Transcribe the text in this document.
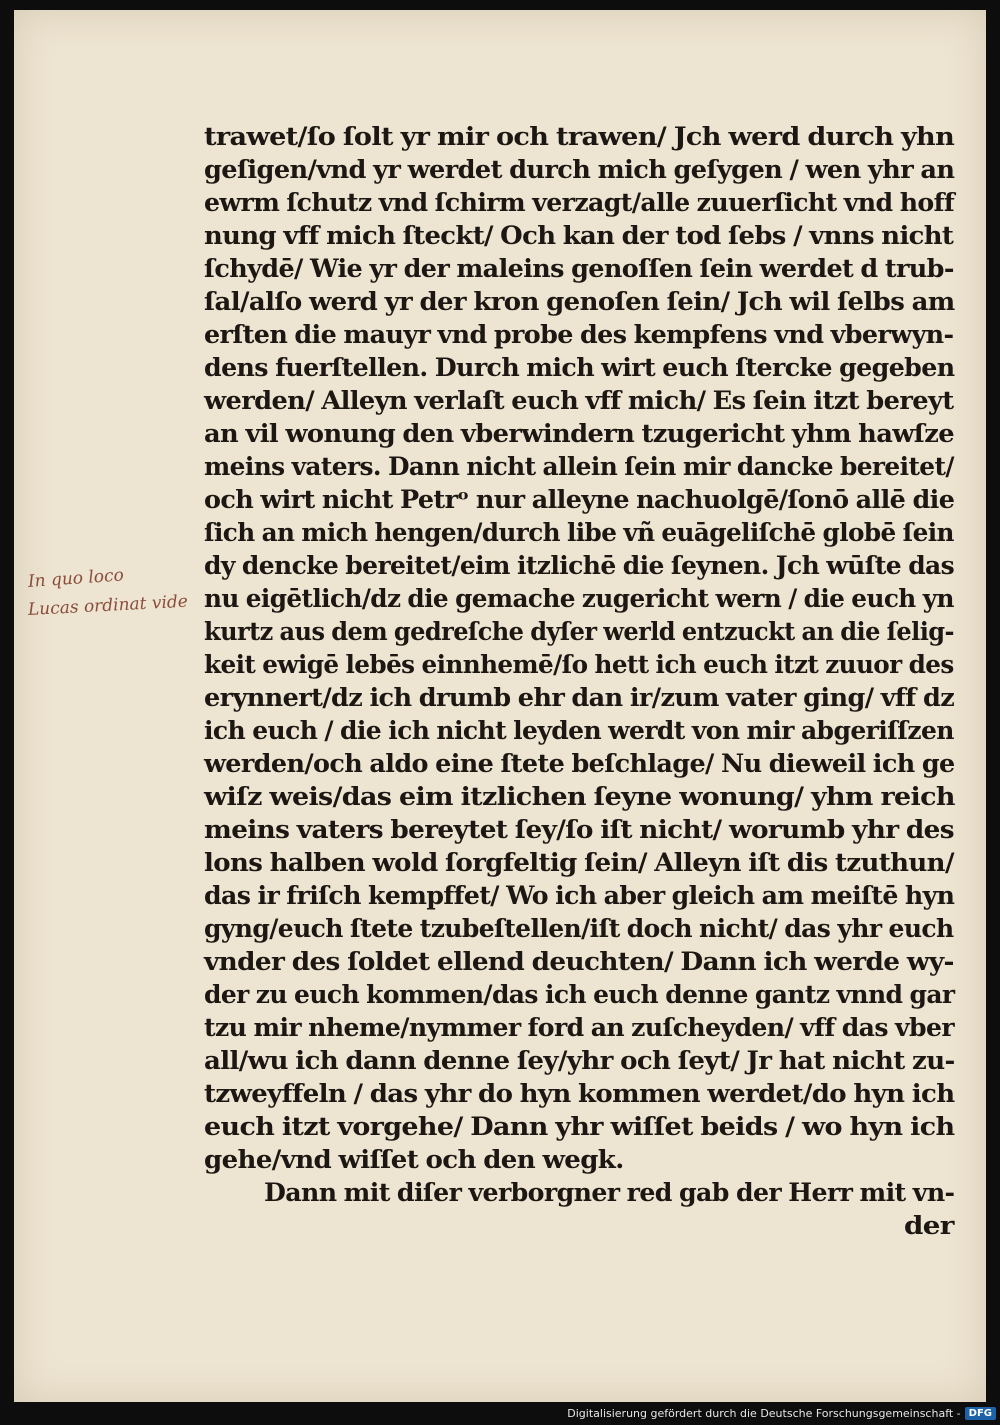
trawet/ſo ſolt yr mir och trawen/ Jch werd durch yhn
geſigen/vnd yr werdet durch mich geſygen / wen yhr an
ewrm ſchutz vnd ſchirm verzagt/alle zuuerſicht vnd hoff
nung vff mich ſteckt/ Och kan der tod ſebs / vnns nicht
ſchydē/ Wie yr der maleins genoſſen ſein werdet d trub-
ſal/alſo werd yr der kron genoſen ſein/ Jch wil ſelbs am
erſten die mauyr vnd probe des kempfens vnd vberwyn-
dens fuerſtellen. Durch mich wirt euch ſtercke gegeben
werden/ Alleyn verlaſt euch vff mich/ Es ſein itzt bereyt
an vil wonung den vberwindern tzugericht yhm hawſze
meins vaters. Dann nicht allein ſein mir dancke bereitet/
och wirt nicht Petrᵒ nur alleyne nachuolgē/ſonō allē die
ſich an mich hengen/durch libe vñ euāgeliſchē globē ſein
dy dencke bereitet/eim itzlichē die ſeynen. Jch wūſte das
nu eigētlich/dz die gemache zugericht wern / die euch yn
kurtz aus dem gedreſche dyſer werld entzuckt an die ſelig-
keit ewigē lebēs einnhemē/ſo hett ich euch itzt zuuor des
erynnert/dz ich drumb ehr dan ir/zum vater ging/ vff dz
ich euch / die ich nicht leyden werdt von mir abgeriſſzen
werden/och aldo eine ſtete beſchlage/ Nu dieweil ich ge
wiſz weis/das eim itzlichen ſeyne wonung/ yhm reich
meins vaters bereytet ſey/ſo iſt nicht/ worumb yhr des
lons halben wold ſorgfeltig ſein/ Alleyn iſt dis tzuthun/
das ir friſch kempffet/ Wo ich aber gleich am meiſtē hyn
gyng/euch ſtete tzubeſtellen/iſt doch nicht/ das yhr euch
vnder des ſoldet ellend deuchten/ Dann ich werde wy-
der zu euch kommen/das ich euch denne gantz vnnd gar
tzu mir nheme/nymmer ford an zuſcheyden/ vff das vber
all/wu ich dann denne ſey/yhr och ſeyt/ Jr hat nicht zu-
tzweyffeln / das yhr do hyn kommen werdet/do hyn ich
euch itzt vorgehe/ Dann yhr wiſſet beids / wo hyn ich
gehe/vnd wiſſet och den wegk.
Dann mit diſer verborgner red gab der Herr mit vn-
der
In quo loco
Lucas ordinat vide
Digitalisierung gefördert durch die Deutsche Forschungsgemeinschaft - DFG
